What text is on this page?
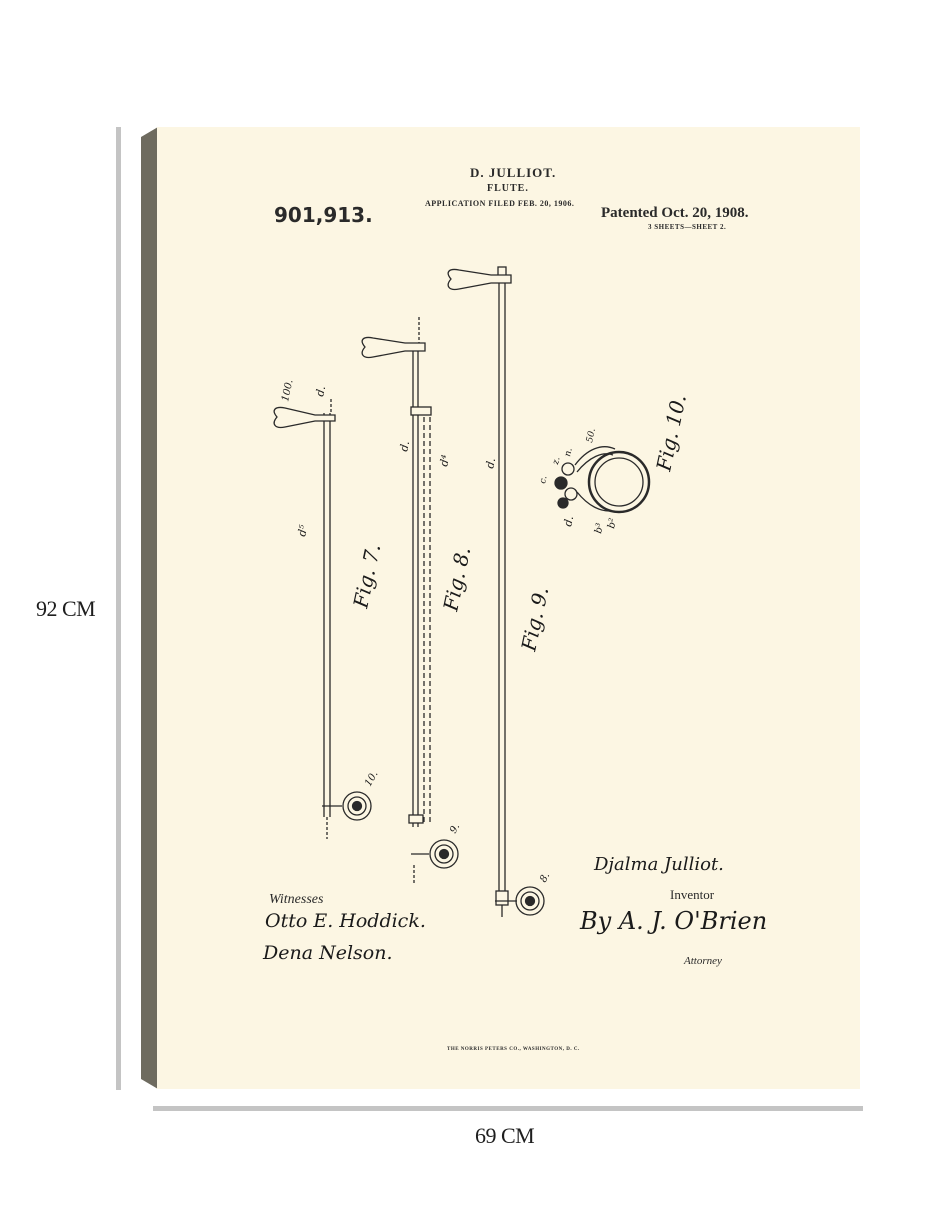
92 CM
69 CM
Fig. 7.	Fig. 8.
Fig. 9.
Fig. 10.
100. d.
d⁵
10.
d.
d⁴
9.
d.
8.
c.
z.
n.
50.
d.
b³ b²
D. JULLIOT.
FLUTE.
APPLICATION FILED FEB. 20, 1906.
901,913.	Patented Oct. 20, 1908.
3 SHEETS—SHEET 2.
Witnesses
Otto E. Hoddick.
Dena Nelson.
Djalma Julliot.
Inventor
By A. J. O'Brien
Attorney
THE NORRIS PETERS CO., WASHINGTON, D. C.
